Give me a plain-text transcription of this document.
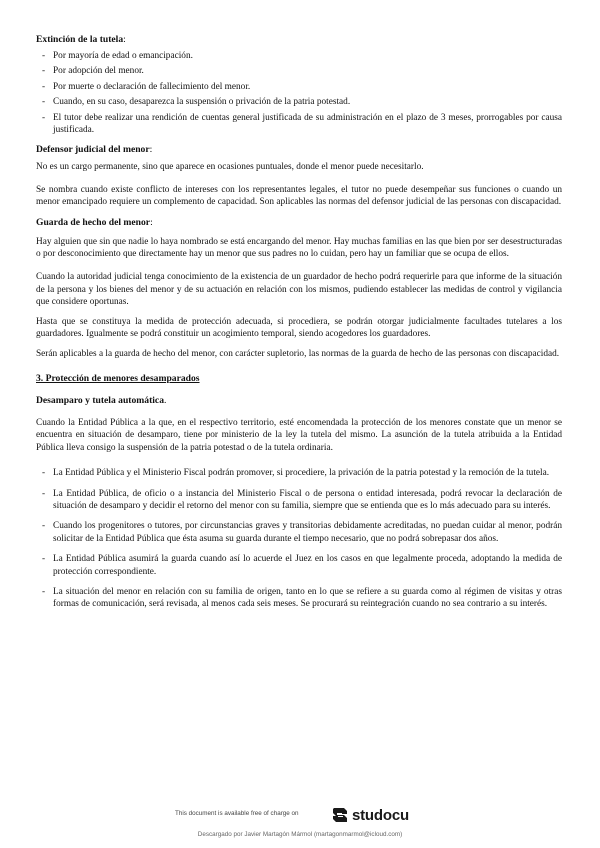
Extinción de la tutela:

- Por mayoría de edad o emancipación.
- Por adopción del menor.
- Por muerte o declaración de fallecimiento del menor.
- Cuando, en su caso, desaparezca la suspensión o privación de la patria potestad.
- El tutor debe realizar una rendición de cuentas general justificada de su administración en el plazo de 3 meses, prorrogables por causa justificada.

Defensor judicial del menor:

No es un cargo permanente, sino que aparece en ocasiones puntuales, donde el menor puede necesitarlo.

Se nombra cuando existe conflicto de intereses con los representantes legales, el tutor no puede desempeñar sus funciones o cuando un menor emancipado requiere un complemento de capacidad. Son aplicables las normas del defensor judicial de las personas con discapacidad.

Guarda de hecho del menor:

Hay alguien que sin que nadie lo haya nombrado se está encargando del menor. Hay muchas familias en las que bien por ser desestructuradas o por desconocimiento que directamente hay un menor que sus padres no lo cuidan, pero hay un familiar que se ocupa de ellos.

Cuando la autoridad judicial tenga conocimiento de la existencia de un guardador de hecho podrá requerirle para que informe de la situación de la persona y los bienes del menor y de su actuación en relación con los mismos, pudiendo establecer las medidas de control y vigilancia que considere oportunas.

Hasta que se constituya la medida de protección adecuada, si procediera, se podrán otorgar judicialmente facultades tutelares a los guardadores. Igualmente se podrá constituir un acogimiento temporal, siendo acogedores los guardadores.

Serán aplicables a la guarda de hecho del menor, con carácter supletorio, las normas de la guarda de hecho de las personas con discapacidad.

3. Protección de menores desamparados

Desamparo y tutela automática.

Cuando la Entidad Pública a la que, en el respectivo territorio, esté encomendada la protección de los menores constate que un menor se encuentra en situación de desamparo, tiene por ministerio de la ley la tutela del mismo. La asunción de la tutela atribuida a la Entidad Pública lleva consigo la suspensión de la patria potestad o de la tutela ordinaria.

- La Entidad Pública y el Ministerio Fiscal podrán promover, si procediere, la privación de la patria potestad y la remoción de la tutela.
- La Entidad Pública, de oficio o a instancia del Ministerio Fiscal o de persona o entidad interesada, podrá revocar la declaración de situación de desamparo y decidir el retorno del menor con su familia, siempre que se entienda que es lo más adecuado para su interés.
- Cuando los progenitores o tutores, por circunstancias graves y transitorias debidamente acreditadas, no puedan cuidar al menor, podrán solicitar de la Entidad Pública que ésta asuma su guarda durante el tiempo necesario, que no podrá sobrepasar dos años.
- La Entidad Pública asumirá la guarda cuando así lo acuerde el Juez en los casos en que legalmente proceda, adoptando la medida de protección correspondiente.
- La situación del menor en relación con su familia de origen, tanto en lo que se refiere a su guarda como al régimen de visitas y otras formas de comunicación, será revisada, al menos cada seis meses. Se procurará su reintegración cuando no sea contrario a su interés.
This document is available free of charge on	studocu
Descargado por Javier Martagón Mármol (martagonmarmol@icloud.com)
